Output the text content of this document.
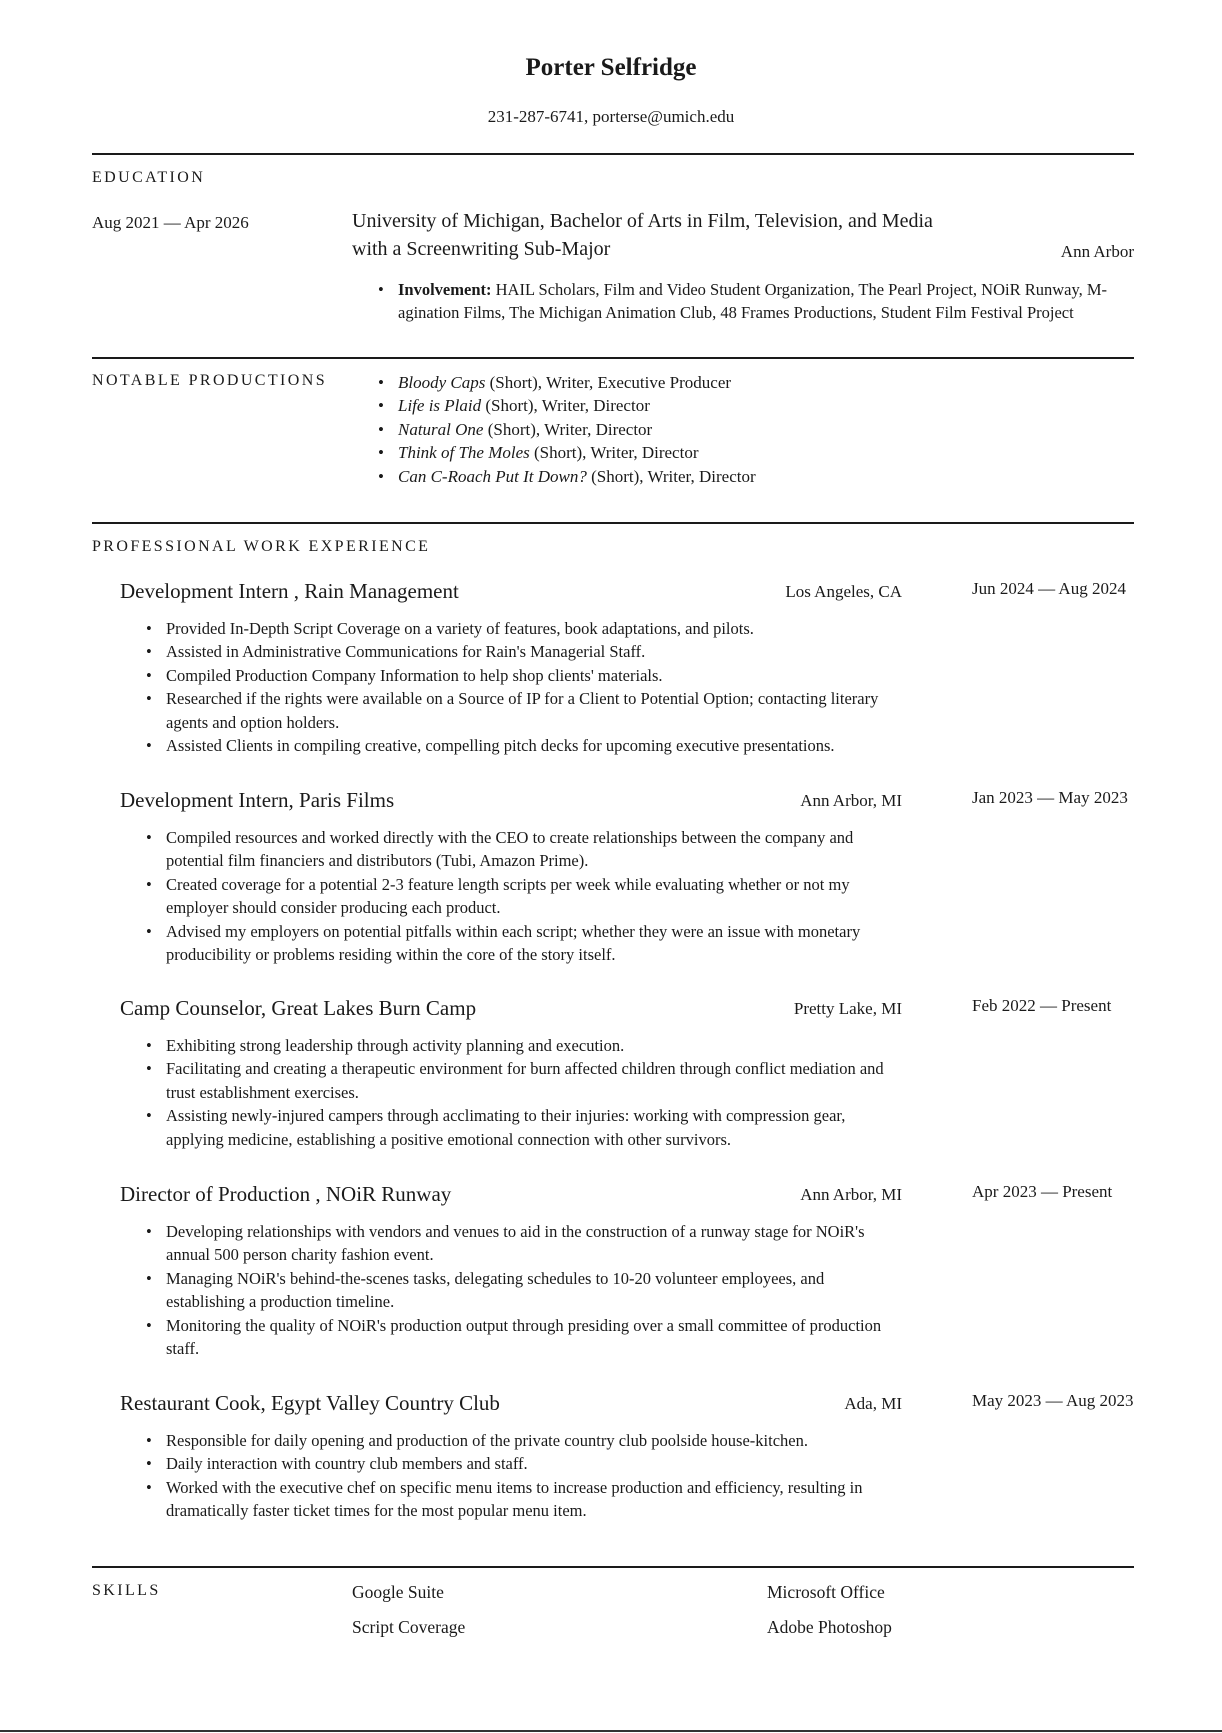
Porter Selfridge
231-287-6741, porterse@umich.edu
EDUCATION
Aug 2021 — Apr 2026	University of Michigan, Bachelor of Arts in Film, Television, and Media with a Screenwriting Sub-Major	Ann Arbor
• Involvement: HAIL Scholars, Film and Video Student Organization, The Pearl Project, NOiR Runway, M-agination Films, The Michigan Animation Club, 48 Frames Productions, Student Film Festival Project
NOTABLE PRODUCTIONS
•	Bloody Caps (Short), Writer, Executive Producer
• Life is Plaid (Short), Writer, Director
• Natural One (Short), Writer, Director
• Think of The Moles (Short), Writer, Director
• Can C-Roach Put It Down? (Short), Writer, Director
PROFESSIONAL WORK EXPERIENCE
Development Intern , Rain Management	Los Angeles, CA	Jun 2024 — Aug 2024
• Provided In-Depth Script Coverage on a variety of features, book adaptations, and pilots.
• Assisted in Administrative Communications for Rain's Managerial Staff.
• Compiled Production Company Information to help shop clients' materials.
• Researched if the rights were available on a Source of IP for a Client to Potential Option; contacting literary agents and option holders.
• Assisted Clients in compiling creative, compelling pitch decks for upcoming executive presentations.
Development Intern, Paris Films	Ann Arbor, MI	Jan 2023 — May 2023
• Compiled resources and worked directly with the CEO to create relationships between the company and potential film financiers and distributors (Tubi, Amazon Prime).
• Created coverage for a potential 2-3 feature length scripts per week while evaluating whether or not my employer should consider producing each product.
• Advised my employers on potential pitfalls within each script; whether they were an issue with monetary producibility or problems residing within the core of the story itself.
Camp Counselor, Great Lakes Burn Camp	Pretty Lake, MI	Feb 2022 — Present
• Exhibiting strong leadership through activity planning and execution.
• Facilitating and creating a therapeutic environment for burn affected children through conflict mediation and trust establishment exercises.
• Assisting newly-injured campers through acclimating to their injuries: working with compression gear, applying medicine, establishing a positive emotional connection with other survivors.
Director of Production , NOiR Runway	Ann Arbor, MI	Apr 2023 — Present
• Developing relationships with vendors and venues to aid in the construction of a runway stage for NOiR's annual 500 person charity fashion event.
• Managing NOiR's behind-the-scenes tasks, delegating schedules to 10-20 volunteer employees, and establishing a production timeline.
• Monitoring the quality of NOiR's production output through presiding over a small committee of production staff.
Restaurant Cook, Egypt Valley Country Club	Ada, MI	May 2023 — Aug 2023
• Responsible for daily opening and production of the private country club poolside house-kitchen.
• Daily interaction with country club members and staff.
• Worked with the executive chef on specific menu items to increase production and efficiency, resulting in dramatically faster ticket times for the most popular menu item.
SKILLS	Google Suite	Microsoft Office
Script Coverage	Adobe Photoshop
